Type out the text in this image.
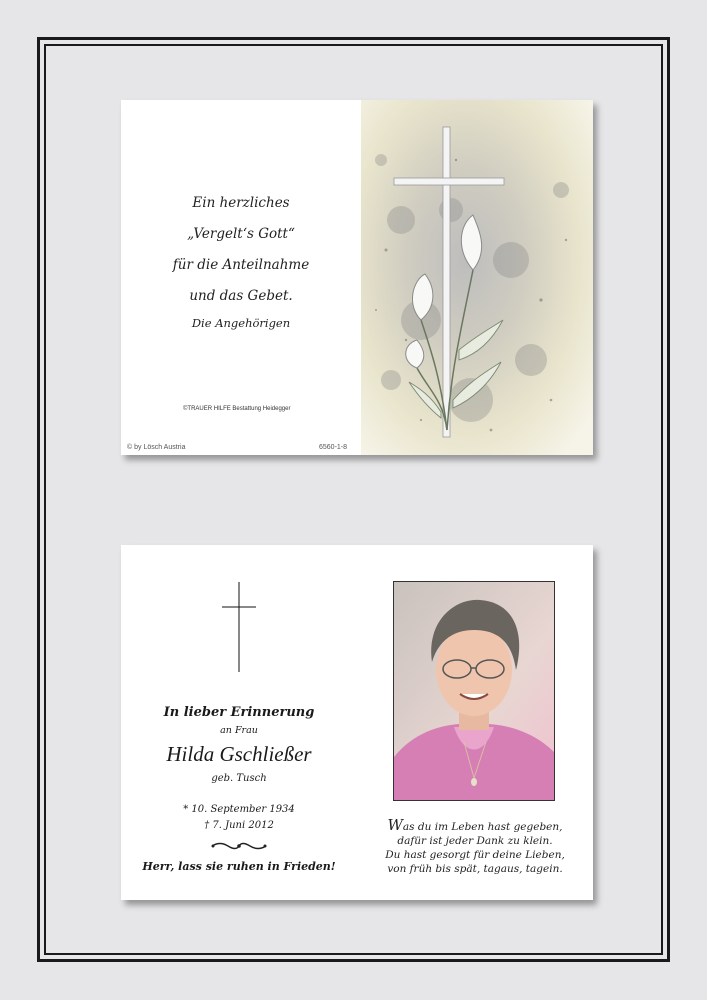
Ein herzliches
„Vergelt‘s Gott“
für die Anteilnahme
und das Gebet.
Die Angehörigen
©TRAUER HILFE Bestattung Heidegger
© by Lösch Austria	6560-1-8
In lieber Erinnerung
an Frau
Hilda Gschließer
geb. Tusch
* 10. September 1934
† 7. Juni 2012
Herr, lass sie ruhen in Frieden!
Was du im Leben hast gegeben,
dafür ist jeder Dank zu klein.
Du hast gesorgt für deine Lieben,
von früh bis spät, tagaus, tagein.
